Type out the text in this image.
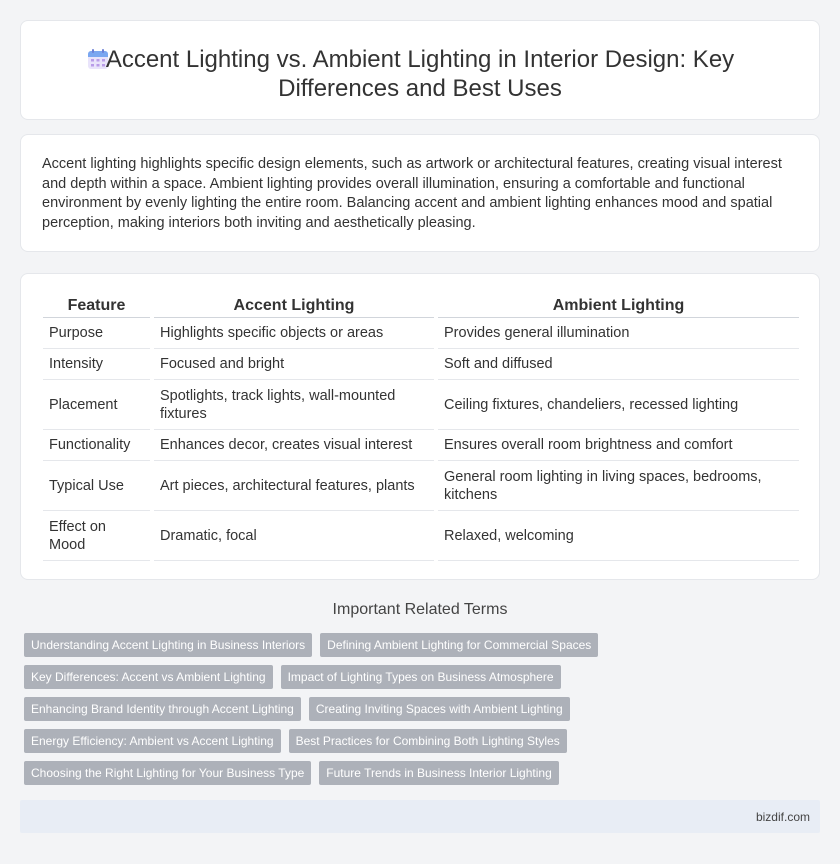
Accent Lighting vs. Ambient Lighting in Interior Design: Key Differences and Best Uses

Accent lighting highlights specific design elements, such as artwork or architectural features, creating visual interest and depth within a space. Ambient lighting provides overall illumination, ensuring a comfortable and functional environment by evenly lighting the entire room. Balancing accent and ambient lighting enhances mood and spatial perception, making interiors both inviting and aesthetically pleasing.

Feature	Accent Lighting	Ambient Lighting
Purpose	Highlights specific objects or areas	Provides general illumination
Intensity	Focused and bright	Soft and diffused
Placement	Spotlights, track lights, wall-mounted fixtures	Ceiling fixtures, chandeliers, recessed lighting
Functionality	Enhances decor, creates visual interest	Ensures overall room brightness and comfort
Typical Use	Art pieces, architectural features, plants	General room lighting in living spaces, bedrooms, kitchens
Effect on Mood	Dramatic, focal	Relaxed, welcoming
Important Related Terms
Understanding Accent Lighting in Business Interiors	Defining Ambient Lighting for Commercial Spaces
Key Differences: Accent vs Ambient Lighting	Impact of Lighting Types on Business Atmosphere
Enhancing Brand Identity through Accent Lighting	Creating Inviting Spaces with Ambient Lighting
Energy Efficiency: Ambient vs Accent Lighting	Best Practices for Combining Both Lighting Styles
Choosing the Right Lighting for Your Business Type	Future Trends in Business Interior Lighting
bizdif.com
